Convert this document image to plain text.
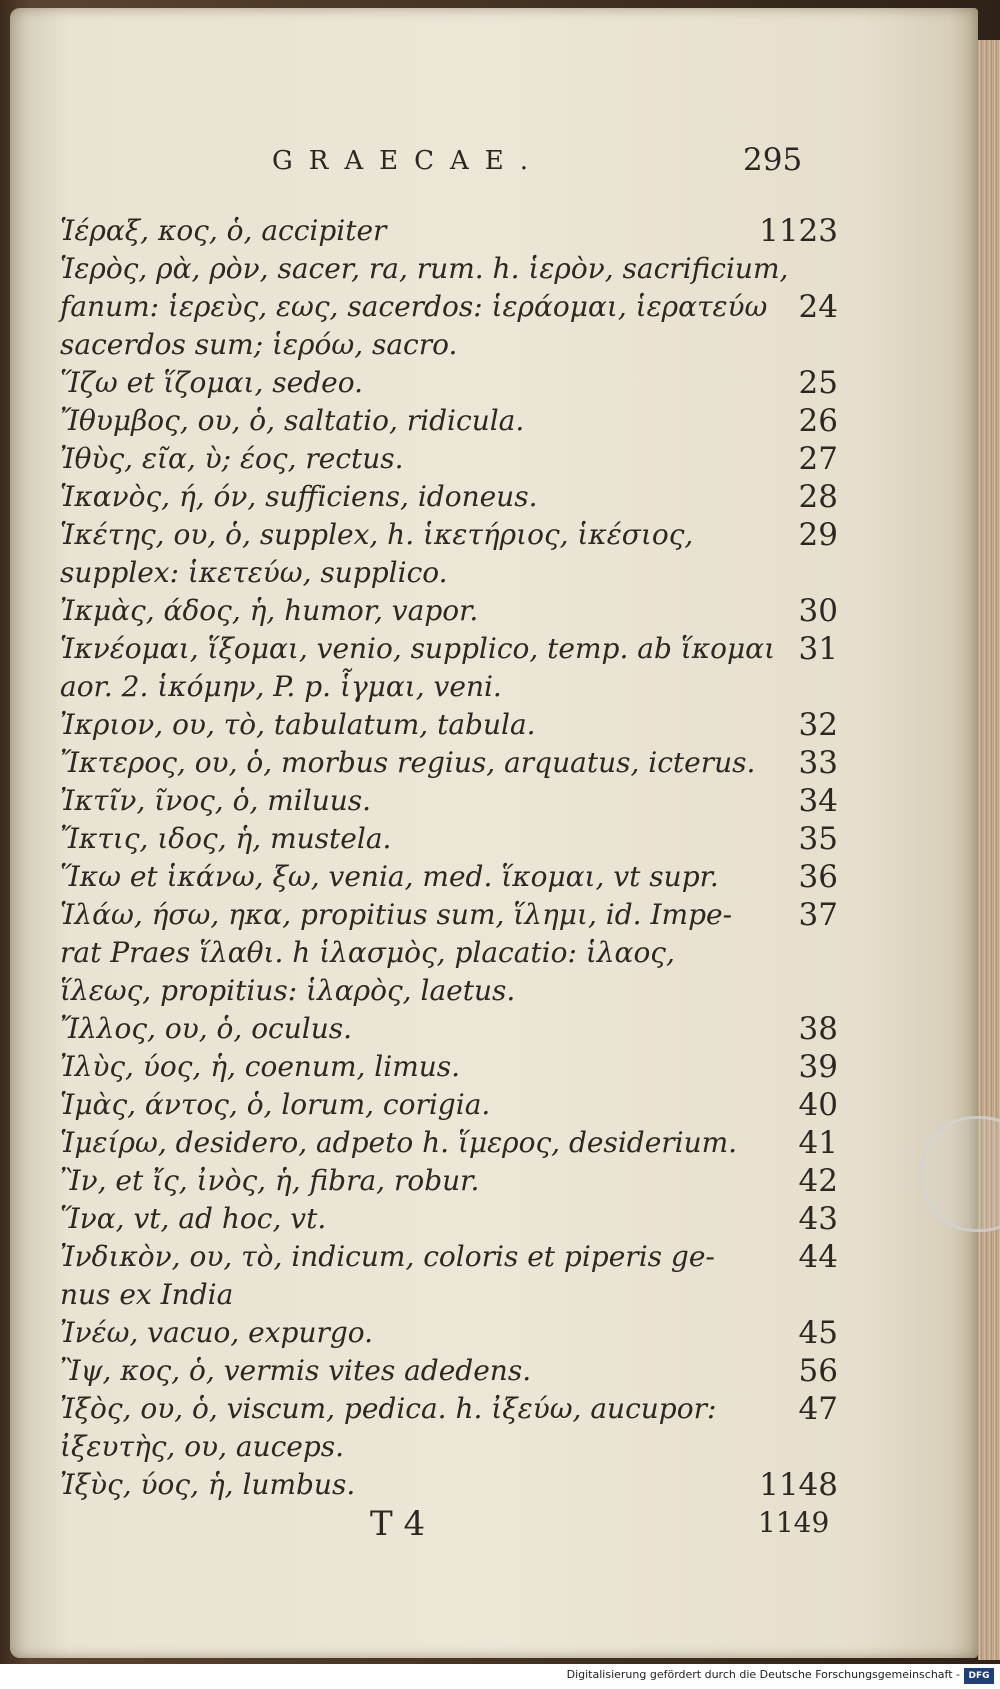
GRAECAE.	295
Ἱέραξ, κος, ὁ, accipiter	1123
Ἱερὸς, ρὰ, ρὸν, sacer, ra, rum. h. ἱερὸν, sacrificium,
fanum: ἱερεὺς, εως, sacerdos: ἱεράομαι, ἱερατεύω 24
sacerdos sum; ἱερόω, sacro.
Ἵζω et ἵζομαι, sedeo.	25
Ἴθυμβος, ου, ὁ, saltatio, ridicula.	26
Ἰθὺς, εῖα, ὺ; έος, rectus.	27
Ἱκανὸς, ή, όν, sufficiens, idoneus.	28
Ἱκέτης, ου, ὁ, supplex, h. ἱκετήριος, ἱκέσιος,	29
supplex: ἱκετεύω, supplico.
Ἰκμὰς, άδος, ἡ, humor, vapor.	30
Ἱκνέομαι, ἵξομαι, venio, supplico, temp. ab ἵκομαι 31
aor. 2. ἱκόμην, P. p. ἷγμαι, veni.
Ἰκριον, ου, τὸ, tabulatum, tabula.	32
Ἴκτερος, ου, ὁ, morbus regius, arquatus, icterus. 33
Ἰκτῖν, ῖνος, ὁ, miluus.	34
Ἴκτις, ιδος, ἡ, mustela.	35
Ἵκω et ἱκάνω, ξω, venia, med. ἵκομαι, vt supr.	36
Ἱλάω, ήσω, ηκα, propitius sum, ἵλημι, id. Impe- 37
rat Praes ἵλαθι. h ἱλασμὸς, placatio: ἱλαος,
ἵλεως, propitius: ἱλαρὸς, laetus.
Ἴλλος, ου, ὁ, oculus.	38
Ἰλὺς, ύος, ἡ, coenum, limus.	39
Ἱμὰς, άντος, ὁ, lorum, corigia.	40
Ἱμείρω, desidero, adpeto h. ἵμερος, desiderium. 41
Ἲν, et ἴς, ἰνὸς, ἡ, fibra, robur.	42
Ἵνα, vt, ad hoc, vt.	43
Ἰνδικὸν, ου, τὸ, indicum, coloris et piperis ge-	44
nus ex India
Ἰνέω, vacuo, expurgo.	45
Ἲψ, κος, ὁ, vermis vites adedens.	56
Ἰξὸς, ου, ὁ, viscum, pedica. h. ἰξεύω, aucupor:	47
ἰξευτὴς, ου, auceps.
Ἰξὺς, ύος, ἡ, lumbus.	1148
T 4	1149
Digitalisierung gefördert durch die Deutsche Forschungsgemeinschaft - DFG
